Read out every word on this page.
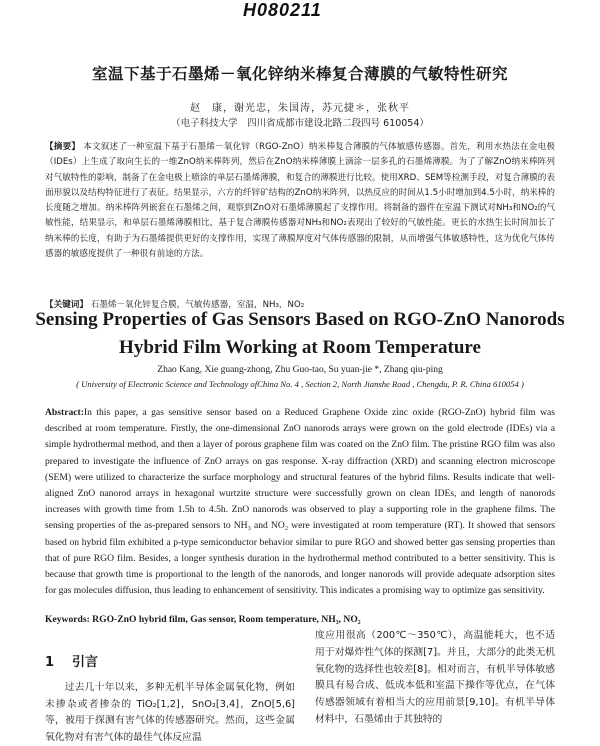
H080211
室温下基于石墨烯－氧化锌纳米棒复合薄膜的气敏特性研究
赵　康，谢光忠，朱国涛，苏元捷＊，张秋平
（电子科技大学　四川省成都市建设北路二段四号 610054）

【摘要】 本文叙述了一种室温下基于石墨烯－氧化锌（RGO-ZnO）纳米棒复合薄膜的气体敏感传感器。首先，利用水热法在金电极（IDEs）上生成了取向生长的一维ZnO纳米棒阵列，然后在ZnO纳米棒薄膜上滴涂一层多孔的石墨烯薄膜。为了了解ZnO纳米棒阵列对气敏特性的影响，制备了在金电极上喷涂的单层石墨烯薄膜，和复合的薄膜进行比较。使用XRD、SEM等检测手段，对复合薄膜的表面形貌以及结构特征进行了表征。结果显示，六方的纤锌矿结构的ZnO纳米阵列，以热反应的时间从1.5小时增加到4.5小时，纳米棒的长度随之增加。纳米棒阵列嵌套在石墨烯之间，观察到ZnO对石墨烯薄膜起了支撑作用。将制备的器件在室温下测试对NH₃和NO₂的气敏性能，结果显示，和单层石墨烯薄膜相比，基于复合薄膜传感器对NH₃和NO₂表现出了较好的气敏性能。更长的水热生长时间加长了纳米棒的长度，有助于为石墨烯提供更好的支撑作用，实现了薄膜厚度对气体传感器的限制，从而增强气体敏感特性，这为优化气体传感器的敏感度提供了一种很有前途的方法。

【关键词】 石墨烯－氧化锌复合膜，气敏传感器，室温，NH₃，NO₂

Sensing Properties of Gas Sensors Based on RGO-ZnO Nanorods
Hybrid Film Working at Room Temperature
Zhao Kang, Xie guang-zhong, Zhu Guo-tao, Su yuan-jie *, Zhang qiu-ping
( University of Electronic Science and Technology ofChina No. 4 , Section 2, North Jianshe Road , Chengdu, P. R. China 610054 )

Abstract:In this paper, a gas sensitive sensor based on a Reduced Graphene Oxide zinc oxide (RGO-ZnO) hybrid film was described at room temperature. Firstly, the one-dimensional ZnO nanorods arrays were grown on the gold electrode (IDEs) via a simple hydrothermal method, and then a layer of porous graphene film was coated on the ZnO film. The pristine RGO film was also prepared to investigate the influence of ZnO arrays on gas response. X-ray diffraction (XRD) and scanning electron microscope (SEM) were utilized to characterize the surface morphology and structural features of the hybrid films. Results indicate that well-aligned ZnO nanorod arrays in hexagonal wurtzite structure were successfully grown on clean IDEs, and length of nanorods increases with growth time from 1.5h to 4.5h. ZnO nanorods was observed to play a supporting role in the graphene films. The sensing properties of the as-prepared sensors to NH₃ and NO₂ were investigated at room temperature (RT). It showed that sensors based on hybrid film exhibited a p-type semiconductor behavior similar to pure RGO and showed better gas sensing properties than that of pure RGO film. Besides, a longer synthesis duration in the hydrothermal method contributed to a better sensitivity. This is because that growth time is proportional to the length of the nanorods, and longer nanorods will provide adequate adsorption sites for gas molecules diffusion, thus leading to enhancement of sensitivity. This indicates a promising way to optimize gas sensitivity.

Keywords: RGO-ZnO hybrid film, Gas sensor, Room temperature, NH₃, NO₂

1 引言

过去几十年以来，多种无机半导体金属氧化物，例如未掺杂或者掺杂的 TiO₂[1,2]，SnO₂[3,4]，ZnO[5,6] 等，被用于探测有害气体的传感器研究。然而，这些金属氧化物对有害气体的最佳气体反应温

度应用很高（200℃～350℃），高温能耗大，也不适用于对爆炸性气体的探测[7]。并且，大部分的此类无机氧化物的选择性也较差[8]。相对而言，有机半导体敏感膜具有易合成、低成本低和室温下操作等优点，在气体传感器领域有着相当大的应用前景[9,10]。有机半导体材料中，石墨烯由于其独特的
